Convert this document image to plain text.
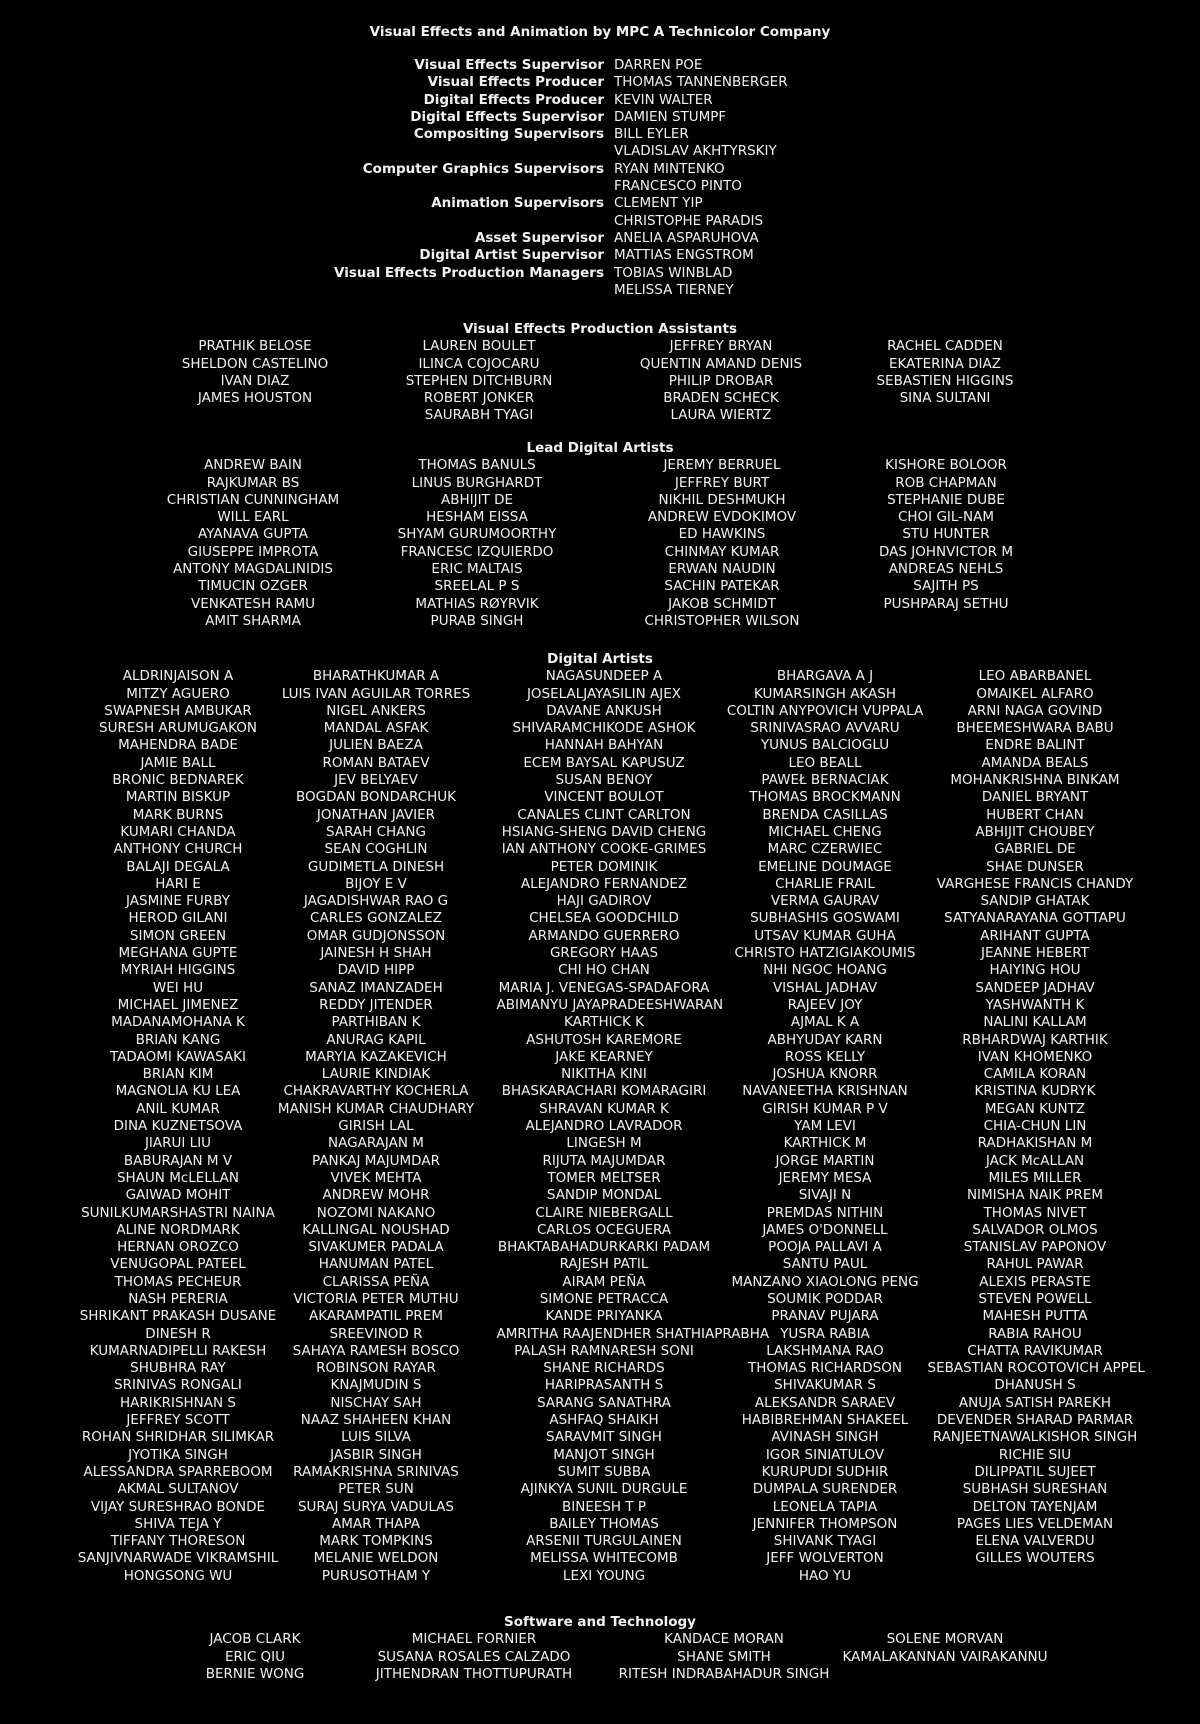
Visual Effects and Animation by MPC A Technicolor Company
Visual Effects Supervisor DARREN POE
Visual Effects Producer THOMAS TANNENBERGER
Digital Effects Producer KEVIN WALTER
Digital Effects Supervisor DAMIEN STUMPF
Compositing Supervisors BILL EYLER
VLADISLAV AKHTYRSKIY
Computer Graphics Supervisors RYAN MINTENKO
FRANCESCO PINTO
Animation Supervisors CLEMENT YIP
CHRISTOPHE PARADIS
Asset Supervisor ANELIA ASPARUHOVA
Digital Artist Supervisor MATTIAS ENGSTROM
Visual Effects Production Managers TOBIAS WINBLAD
MELISSA TIERNEY
Visual Effects Production Assistants
PRATHIK BELOSE
SHELDON CASTELINO
IVAN DIAZ
JAMES HOUSTON
LAUREN BOULET
ILINCA COJOCARU
STEPHEN DITCHBURN
ROBERT JONKER
SAURABH TYAGI
JEFFREY BRYAN
QUENTIN AMAND DENIS
PHILIP DROBAR
BRADEN SCHECK
LAURA WIERTZ
RACHEL CADDEN
EKATERINA DIAZ
SEBASTIEN HIGGINS
SINA SULTANI
Lead Digital Artists
ANDREW BAIN
RAJKUMAR BS
CHRISTIAN CUNNINGHAM
WILL EARL
AYANAVA GUPTA
GIUSEPPE IMPROTA
ANTONY MAGDALINIDIS
TIMUCIN OZGER
VENKATESH RAMU
AMIT SHARMA
THOMAS BANULS
LINUS BURGHARDT
ABHIJIT DE
HESHAM EISSA
SHYAM GURUMOORTHY
FRANCESC IZQUIERDO
ERIC MALTAIS
SREELAL P S
MATHIAS RØYRVIK
PURAB SINGH
JEREMY BERRUEL
JEFFREY BURT
NIKHIL DESHMUKH
ANDREW EVDOKIMOV
ED HAWKINS
CHINMAY KUMAR
ERWAN NAUDIN
SACHIN PATEKAR
JAKOB SCHMIDT
CHRISTOPHER WILSON
KISHORE BOLOOR
ROB CHAPMAN
STEPHANIE DUBE
CHOI GIL-NAM
STU HUNTER
DAS JOHNVICTOR M
ANDREAS NEHLS
SAJITH PS
PUSHPARAJ SETHU
Digital Artists
ALDRINJAISON A
MITZY AGUERO
SWAPNESH AMBUKAR
SURESH ARUMUGAKON
MAHENDRA BADE
JAMIE BALL
BRONIC BEDNAREK
MARTIN BISKUP
MARK BURNS
KUMARI CHANDA
ANTHONY CHURCH
BALAJI DEGALA
HARI E
JASMINE FURBY
HEROD GILANI
SIMON GREEN
MEGHANA GUPTE
MYRIAH HIGGINS
WEI HU
MICHAEL JIMENEZ
MADANAMOHANA K
BRIAN KANG
TADAOMI KAWASAKI
BRIAN KIM
MAGNOLIA KU LEA
ANIL KUMAR
DINA KUZNETSOVA
JIARUI LIU
BABURAJAN M V
SHAUN McLELLAN
GAIWAD MOHIT
SUNILKUMARSHASTRI NAINA
ALINE NORDMARK
HERNAN OROZCO
VENUGOPAL PATEEL
THOMAS PECHEUR
NASH PERERIA
SHRIKANT PRAKASH DUSANE
DINESH R
KUMARNADIPELLI RAKESH
SHUBHRA RAY
SRINIVAS RONGALI
HARIKRISHNAN S
JEFFREY SCOTT
ROHAN SHRIDHAR SILIMKAR
JYOTIKA SINGH
ALESSANDRA SPARREBOOM
AKMAL SULTANOV
VIJAY SURESHRAO BONDE
SHIVA TEJA Y
TIFFANY THORESON
SANJIVNARWADE VIKRAMSHIL
HONGSONG WU
BHARATHKUMAR A
LUIS IVAN AGUILAR TORRES
NIGEL ANKERS
MANDAL ASFAK
JULIEN BAEZA
ROMAN BATAEV
JEV BELYAEV
BOGDAN BONDARCHUK
JONATHAN JAVIER
SARAH CHANG
SEAN COGHLIN
GUDIMETLA DINESH
BIJOY E V
JAGADISHWAR RAO G
CARLES GONZALEZ
OMAR GUDJONSSON
JAINESH H SHAH
DAVID HIPP
SANAZ IMANZADEH
REDDY JITENDER
PARTHIBAN K
ANURAG KAPIL
MARYIA KAZAKEVICH
LAURIE KINDIAK
CHAKRAVARTHY KOCHERLA
MANISH KUMAR CHAUDHARY
GIRISH LAL
NAGARAJAN M
PANKAJ MAJUMDAR
VIVEK MEHTA
ANDREW MOHR
NOZOMI NAKANO
KALLINGAL NOUSHAD
SIVAKUMER PADALA
HANUMAN PATEL
CLARISSA PEÑA
VICTORIA PETER MUTHU
AKARAMPATIL PREM
SREEVINOD R
SAHAYA RAMESH BOSCO
ROBINSON RAYAR
KNAJMUDIN S
NISCHAY SAH
NAAZ SHAHEEN KHAN
LUIS SILVA
JASBIR SINGH
RAMAKRISHNA SRINIVAS
PETER SUN
SURAJ SURYA VADULAS
AMAR THAPA
MARK TOMPKINS
MELANIE WELDON
PURUSOTHAM Y
NAGASUNDEEP A
JOSELALJAYASILIN AJEX
DAVANE ANKUSH
SHIVARAMCHIKODE ASHOK
HANNAH BAHYAN
ECEM BAYSAL KAPUSUZ
SUSAN BENOY
VINCENT BOULOT
CANALES CLINT CARLTON
HSIANG-SHENG DAVID CHENG
IAN ANTHONY COOKE-GRIMES
PETER DOMINIK
ALEJANDRO FERNANDEZ
HAJI GADIROV
CHELSEA GOODCHILD
ARMANDO GUERRERO
GREGORY HAAS
CHI HO CHAN
MARIA J. VENEGAS-SPADAFORA
ABIMANYU JAYAPRADEESHWARAN
KARTHICK K
ASHUTOSH KAREMORE
JAKE KEARNEY
NIKITHA KINI
BHASKARACHARI KOMARAGIRI
SHRAVAN KUMAR K
ALEJANDRO LAVRADOR
LINGESH M
RIJUTA MAJUMDAR
TOMER MELTSER
SANDIP MONDAL
CLAIRE NIEBERGALL
CARLOS OCEGUERA
BHAKTABAHADURKARKI PADAM
RAJESH PATIL
AIRAM PEÑA
SIMONE PETRACCA
KANDE PRIYANKA
AMRITHA RAAJENDHER SHATHIAPRABHA
PALASH RAMNARESH SONI
SHANE RICHARDS
HARIPRASANTH S
SARANG SANATHRA
ASHFAQ SHAIKH
SARAVMIT SINGH
MANJOT SINGH
SUMIT SUBBA
AJINKYA SUNIL DURGULE
BINEESH T P
BAILEY THOMAS
ARSENII TURGULAINEN
MELISSA WHITECOMB
LEXI YOUNG
BHARGAVA A J
KUMARSINGH AKASH
COLTIN ANYPOVICH VUPPALA
SRINIVASRAO AVVARU
YUNUS BALCIOGLU
LEO BEALL
PAWEŁ BERNACIAK
THOMAS BROCKMANN
BRENDA CASILLAS
MICHAEL CHENG
MARC CZERWIEC
EMELINE DOUMAGE
CHARLIE FRAIL
VERMA GAURAV
SUBHASHIS GOSWAMI
UTSAV KUMAR GUHA
CHRISTO HATZIGIAKOUMIS
NHI NGOC HOANG
VISHAL JADHAV
RAJEEV JOY
AJMAL K A
ABHYUDAY KARN
ROSS KELLY
JOSHUA KNORR
NAVANEETHA KRISHNAN
GIRISH KUMAR P V
YAM LEVI
KARTHICK M
JORGE MARTIN
JEREMY MESA
SIVAJI N
PREMDAS NITHIN
JAMES O'DONNELL
POOJA PALLAVI A
SANTU PAUL
MANZANO XIAOLONG PENG
SOUMIK PODDAR
PRANAV PUJARA
YUSRA RABIA
LAKSHMANA RAO
THOMAS RICHARDSON
SHIVAKUMAR S
ALEKSANDR SARAEV
HABIBREHMAN SHAKEEL
AVINASH SINGH
IGOR SINIATULOV
KURUPUDI SUDHIR
DUMPALA SURENDER
LEONELA TAPIA
JENNIFER THOMPSON
SHIVANK TYAGI
JEFF WOLVERTON
HAO YU
LEO ABARBANEL
OMAIKEL ALFARO
ARNI NAGA GOVIND
BHEEMESHWARA BABU
ENDRE BALINT
AMANDA BEALS
MOHANKRISHNA BINKAM
DANIEL BRYANT
HUBERT CHAN
ABHIJIT CHOUBEY
GABRIEL DE
SHAE DUNSER
VARGHESE FRANCIS CHANDY
SANDIP GHATAK
SATYANARAYANA GOTTAPU
ARIHANT GUPTA
JEANNE HEBERT
HAIYING HOU
SANDEEP JADHAV
YASHWANTH K
NALINI KALLAM
RBHARDWAJ KARTHIK
IVAN KHOMENKO
CAMILA KORAN
KRISTINA KUDRYK
MEGAN KUNTZ
CHIA-CHUN LIN
RADHAKISHAN M
JACK McALLAN
MILES MILLER
NIMISHA NAIK PREM
THOMAS NIVET
SALVADOR OLMOS
STANISLAV PAPONOV
RAHUL PAWAR
ALEXIS PERASTE
STEVEN POWELL
MAHESH PUTTA
RABIA RAHOU
CHATTA RAVIKUMAR
SEBASTIAN ROCOTOVICH APPEL
DHANUSH S
ANUJA SATISH PAREKH
DEVENDER SHARAD PARMAR
RANJEETNAWALKISHOR SINGH
RICHIE SIU
DILIPPATIL SUJEET
SUBHASH SURESHAN
DELTON TAYENJAM
PAGES LIES VELDEMAN
ELENA VALVERDU
GILLES WOUTERS
Software and Technology
JACOB CLARK
ERIC QIU
BERNIE WONG
MICHAEL FORNIER
SUSANA ROSALES CALZADO
JITHENDRAN THOTTUPURATH
KANDACE MORAN
SHANE SMITH
RITESH INDRABAHADUR SINGH
SOLENE MORVAN
KAMALAKANNAN VAIRAKANNU
